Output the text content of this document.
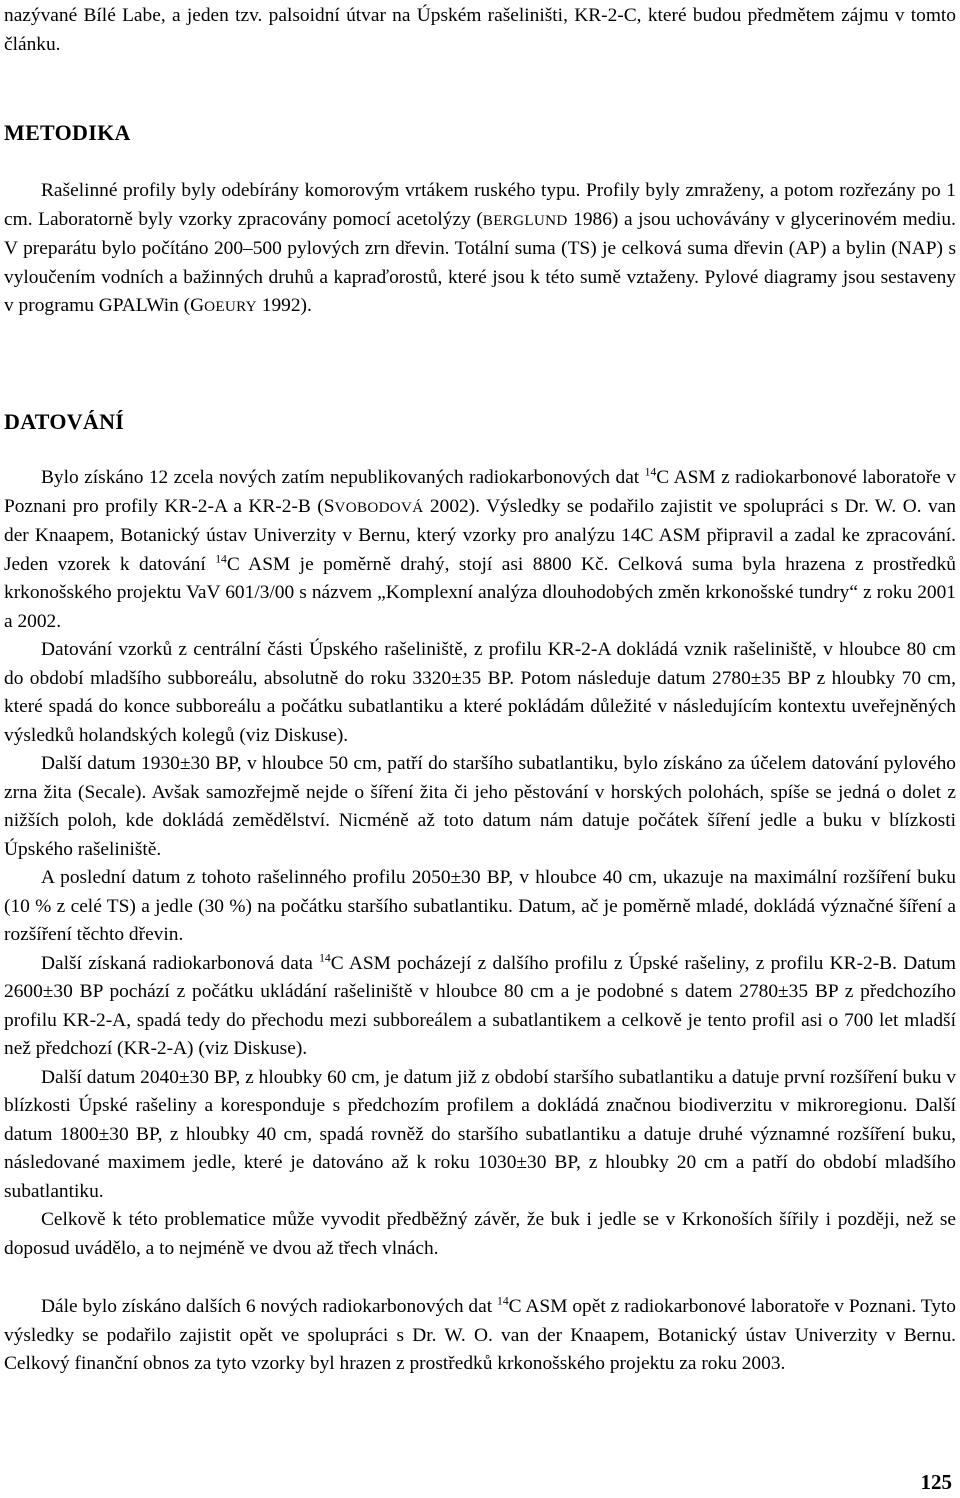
nazývané Bílé Labe, a jeden tzv. palsoidní útvar na Úpském rašeliništi, KR-2-C, které budou předmětem zájmu v tomto článku.

METODIKA

Rašelinné profily byly odebírány komorovým vrtákem ruského typu. Profily byly zmraženy, a potom rozřezány po 1 cm. Laboratorně byly vzorky zpracovány pomocí acetolýzy (BERGLUND 1986) a jsou uchovávány v glycerinovém mediu. V preparátu bylo počítáno 200–500 pylových zrn dřevin. Totální suma (TS) je celková suma dřevin (AP) a bylin (NAP) s vyloučením vodních a bažinných druhů a kapraďorostů, které jsou k této sumě vztaženy. Pylové diagramy jsou sestaveny v programu GPALWin (GOEURY 1992).

DATOVÁNÍ

Bylo získáno 12 zcela nových zatím nepublikovaných radiokarbonových dat $^{14}$C ASM z radiokarbonové laboratoře v Poznani pro profily KR-2-A a KR-2-B (SVOBODOVÁ 2002). Výsledky se podařilo zajistit ve spolupráci s Dr. W. O. van der Knaapem, Botanický ústav Univerzity v Bernu, který vzorky pro analýzu 14C ASM připravil a zadal ke zpracování. Jeden vzorek k datování $^{14}$C ASM je poměrně drahý, stojí asi 8800 Kč. Celková suma byla hrazena z prostředků krkonošského projektu VaV 601/3/00 s názvem „Komplexní analýza dlouhodobých změn krkonošské tundry“ z roku 2001 a 2002.

Datování vzorků z centrální části Úpského rašeliniště, z profilu KR-2-A dokládá vznik rašeliniště, v hloubce 80 cm do období mladšího subboreálu, absolutně do roku 3320±35 BP. Potom následuje datum 2780±35 BP z hloubky 70 cm, které spadá do konce subboreálu a počátku subatlantiku a které pokládám důležité v následujícím kontextu uveřejněných výsledků holandských kolegů (viz Diskuse).

Další datum 1930±30 BP, v hloubce 50 cm, patří do staršího subatlantiku, bylo získáno za účelem datování pylového zrna žita (Secale). Avšak samozřejmě nejde o šíření žita či jeho pěstování v horských polohách, spíše se jedná o dolet z nižších poloh, kde dokládá zemědělství. Nicméně až toto datum nám datuje počátek šíření jedle a buku v blízkosti Úpského rašeliniště.

A poslední datum z tohoto rašelinného profilu 2050±30 BP, v hloubce 40 cm, ukazuje na maximální rozšíření buku (10 % z celé TS) a jedle (30 %) na počátku staršího subatlantiku. Datum, ač je poměrně mladé, dokládá význačné šíření a rozšíření těchto dřevin.

Další získaná radiokarbonová data $^{14}$C ASM pocházejí z dalšího profilu z Úpské rašeliny, z profilu KR-2-B. Datum 2600±30 BP pochází z počátku ukládání rašeliniště v hloubce 80 cm a je podobné s datem 2780±35 BP z předchozího profilu KR-2-A, spadá tedy do přechodu mezi subboreálem a subatlantikem a celkově je tento profil asi o 700 let mladší než předchozí (KR-2-A) (viz Diskuse).

Další datum 2040±30 BP, z hloubky 60 cm, je datum již z období staršího subatlantiku a datuje první rozšíření buku v blízkosti Úpské rašeliny a koresponduje s předchozím profilem a dokládá značnou biodiverzitu v mikroregionu. Další datum 1800±30 BP, z hloubky 40 cm, spadá rovněž do staršího subatlantiku a datuje druhé významné rozšíření buku, následované maximem jedle, které je datováno až k roku 1030±30 BP, z hloubky 20 cm a patří do období mladšího subatlantiku.

Celkově k této problematice může vyvodit předběžný závěr, že buk i jedle se v Krkonoších šířily i později, než se doposud uvádělo, a to nejméně ve dvou až třech vlnách.

Dále bylo získáno dalších 6 nových radiokarbonových dat $^{14}$C ASM opět z radiokarbonové laboratoře v Poznani. Tyto výsledky se podařilo zajistit opět ve spolupráci s Dr. W. O. van der Knaapem, Botanický ústav Univerzity v Bernu. Celkový finanční obnos za tyto vzorky byl hrazen z prostředků krkonošského projektu za roku 2003.

125
